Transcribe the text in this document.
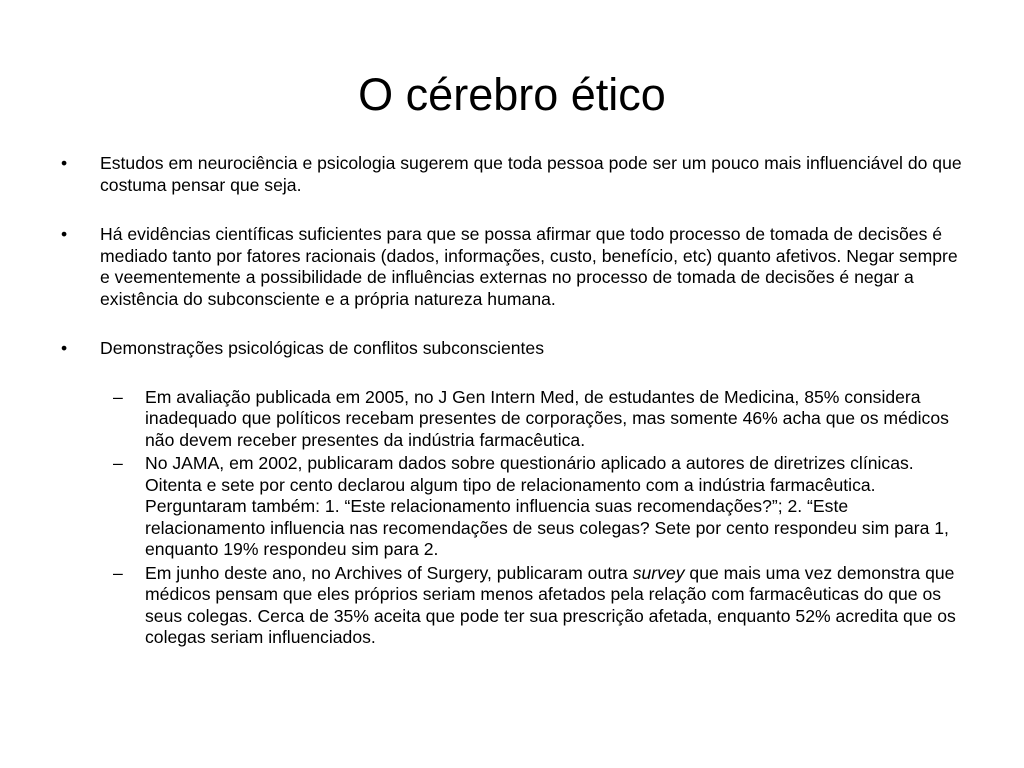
O cérebro ético
•	Estudos em neurociência e psicologia sugerem que toda pessoa pode ser um pouco mais influenciável do que costuma pensar que seja.
•	Há evidências científicas suficientes para que se possa afirmar que todo processo de tomada de decisões é mediado tanto por fatores racionais (dados, informações, custo, benefício, etc) quanto afetivos. Negar sempre e veementemente a possibilidade de influências externas no processo de tomada de decisões é negar a existência do subconsciente e a própria natureza humana.
•	Demonstrações psicológicas de conflitos subconscientes
–	Em avaliação publicada em 2005, no J Gen Intern Med, de estudantes de Medicina, 85% considera inadequado que políticos recebam presentes de corporações, mas somente 46% acha que os médicos não devem receber presentes da indústria farmacêutica.
–	No JAMA, em 2002, publicaram dados sobre questionário aplicado a autores de diretrizes clínicas. Oitenta e sete por cento declarou algum tipo de relacionamento com a indústria farmacêutica. Perguntaram também: 1. “Este relacionamento influencia suas recomendações?”; 2. “Este relacionamento influencia nas recomendações de seus colegas? Sete por cento respondeu sim para 1, enquanto 19% respondeu sim para 2.
–	Em junho deste ano, no Archives of Surgery, publicaram outra survey que mais uma vez demonstra que médicos pensam que eles próprios seriam menos afetados pela relação com farmacêuticas do que os seus colegas. Cerca de 35% aceita que pode ter sua prescrição afetada, enquanto 52% acredita que os colegas seriam influenciados.
